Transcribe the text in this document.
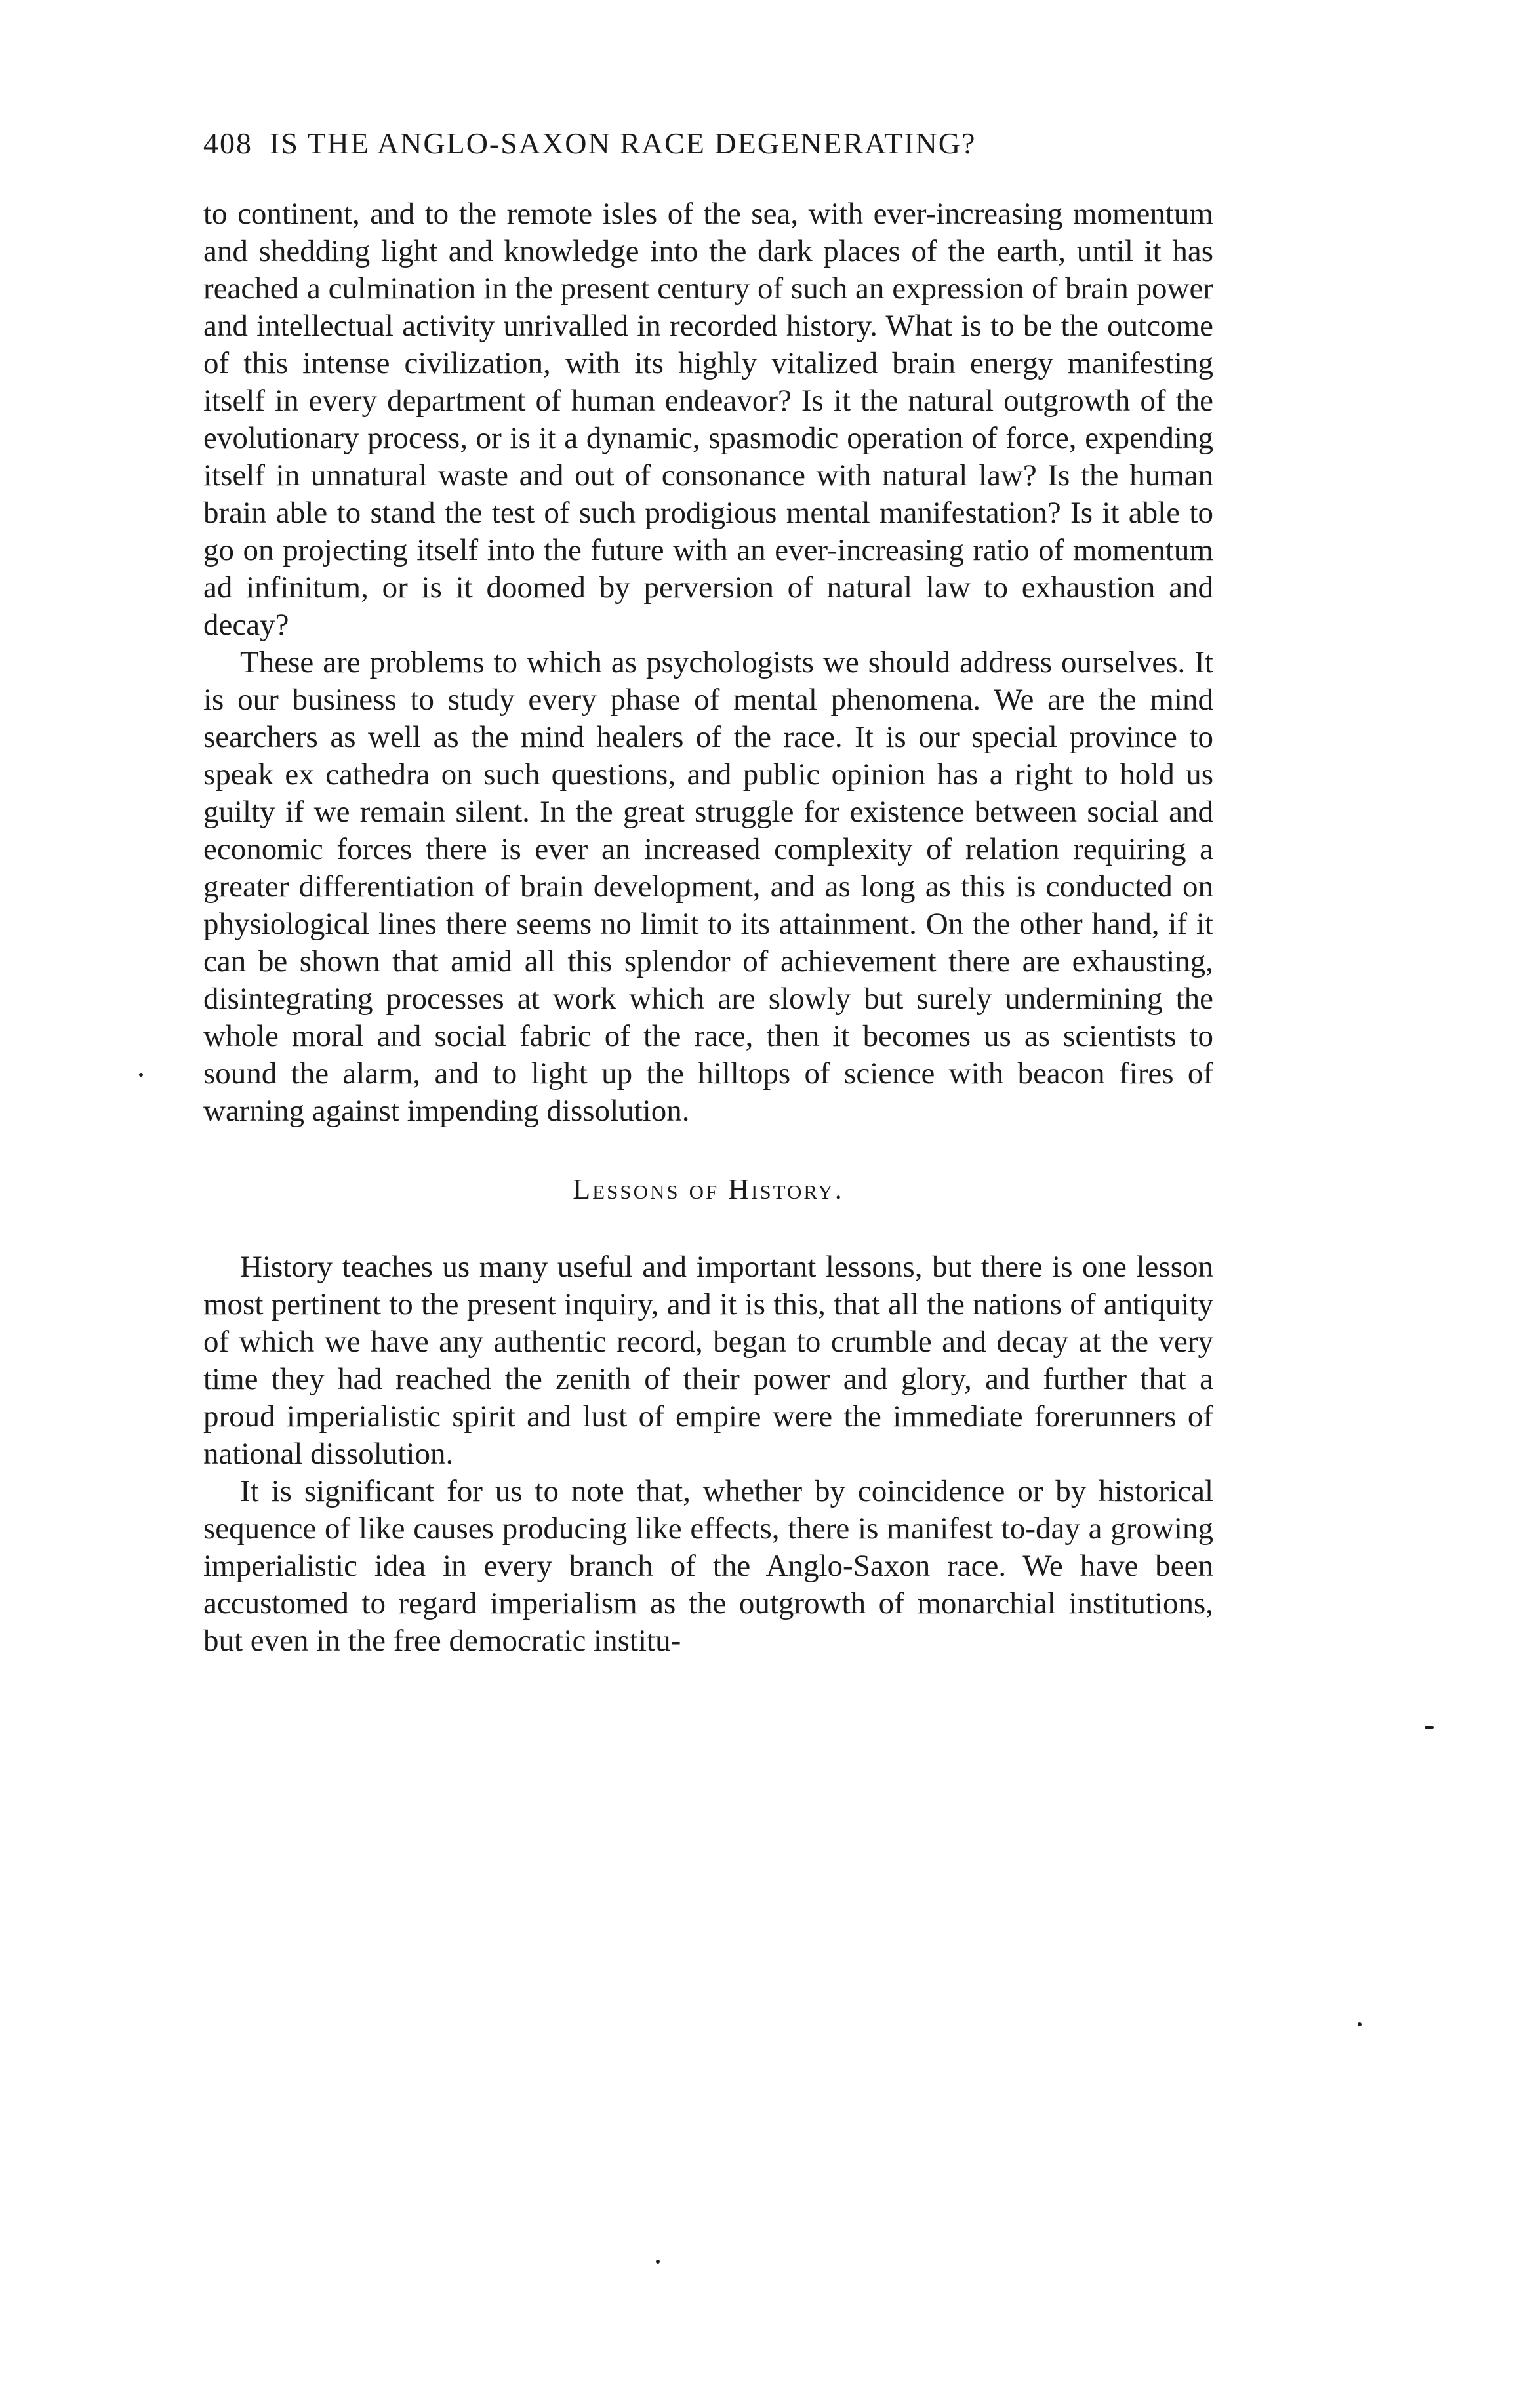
408 IS THE ANGLO-SAXON RACE DEGENERATING?

to continent, and to the remote isles of the sea, with ever-increasing momentum and shedding light and knowledge into the dark places of the earth, until it has reached a culmination in the present century of such an expression of brain power and intellectual activity unrivalled in recorded history. What is to be the outcome of this intense civilization, with its highly vitalized brain energy manifesting itself in every department of human endeavor? Is it the natural outgrowth of the evolutionary process, or is it a dynamic, spasmodic operation of force, expending itself in unnatural waste and out of consonance with natural law? Is the human brain able to stand the test of such prodigious mental manifestation? Is it able to go on projecting itself into the future with an ever-increasing ratio of momentum ad infinitum, or is it doomed by perversion of natural law to exhaustion and decay?

These are problems to which as psychologists we should address ourselves. It is our business to study every phase of mental phenomena. We are the mind searchers as well as the mind healers of the race. It is our special province to speak ex cathedra on such questions, and public opinion has a right to hold us guilty if we remain silent. In the great struggle for existence between social and economic forces there is ever an increased complexity of relation requiring a greater differentiation of brain development, and as long as this is conducted on physiological lines there seems no limit to its attainment. On the other hand, if it can be shown that amid all this splendor of achievement there are exhausting, disintegrating processes at work which are slowly but surely undermining the whole moral and social fabric of the race, then it becomes us as scientists to sound the alarm, and to light up the hilltops of science with beacon fires of warning against impending dissolution.

Lessons of History.

History teaches us many useful and important lessons, but there is one lesson most pertinent to the present inquiry, and it is this, that all the nations of antiquity of which we have any authentic record, began to crumble and decay at the very time they had reached the zenith of their power and glory, and further that a proud imperialistic spirit and lust of empire were the immediate forerunners of national dissolution.

It is significant for us to note that, whether by coincidence or by historical sequence of like causes producing like effects, there is manifest to-day a growing imperialistic idea in every branch of the Anglo-Saxon race. We have been accustomed to regard imperialism as the outgrowth of monarchial institutions, but even in the free democratic institu-
